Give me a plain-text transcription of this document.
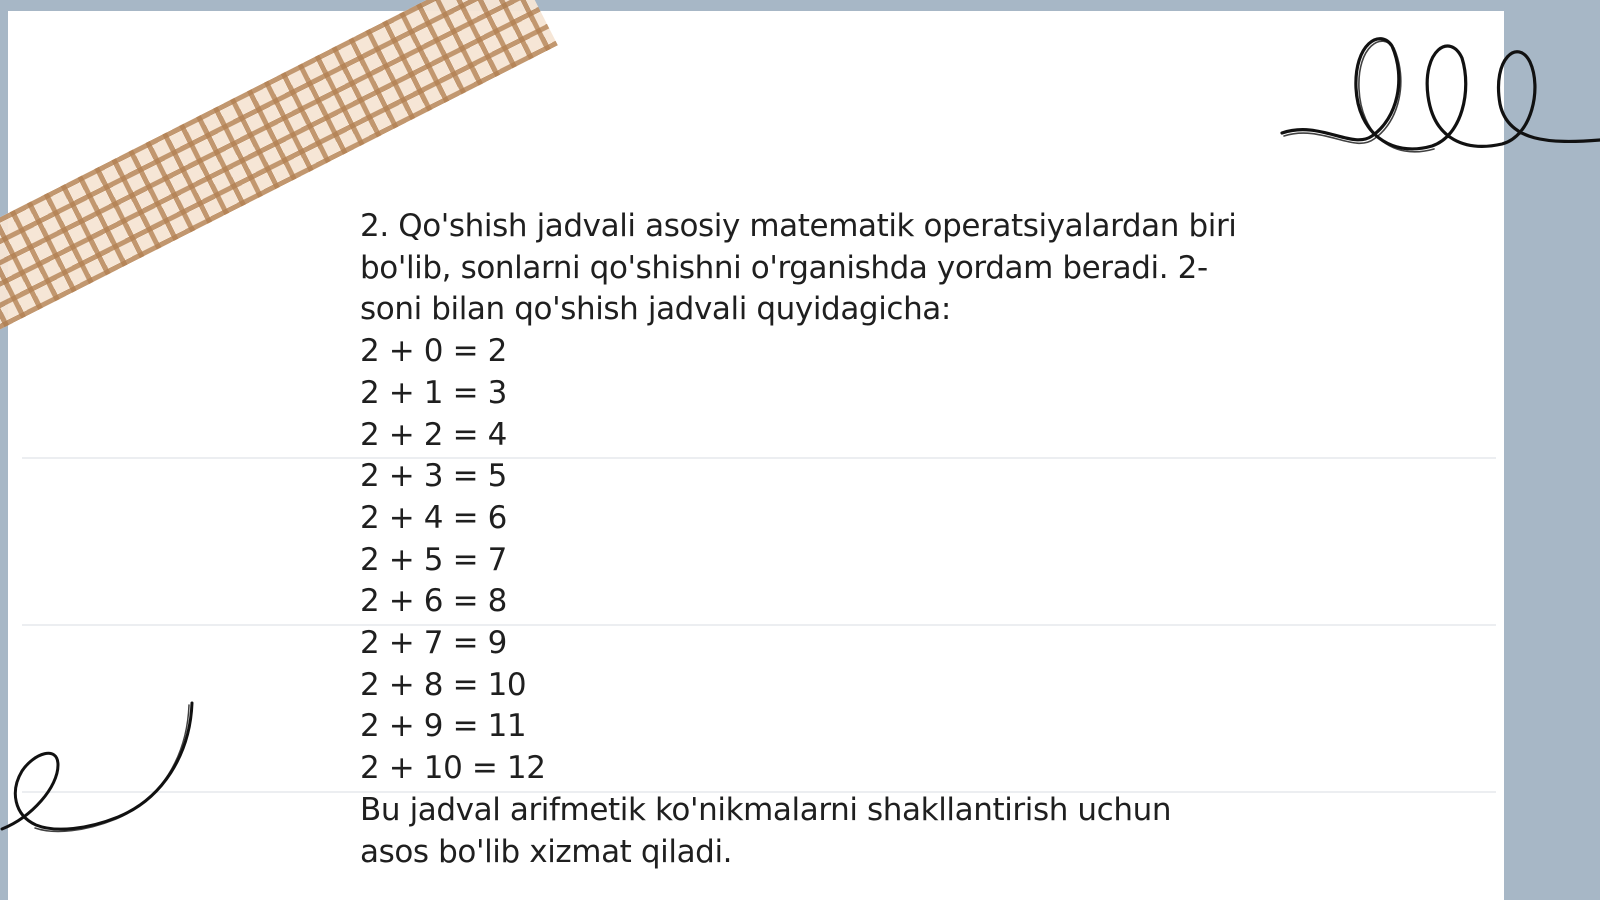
2. Qo'shish jadvali asosiy matematik operatsiyalardan biri bo'lib, sonlarni qo'shishni o'rganishda yordam beradi. 2-soni bilan qo'shish jadvali quyidagicha:

2 + 0 = 2
2 + 1 = 3
2 + 2 = 4
2 + 3 = 5
2 + 4 = 6
2 + 5 = 7
2 + 6 = 8
2 + 7 = 9
2 + 8 = 10
2 + 9 = 11
2 + 10 = 12

Bu jadval arifmetik ko'nikmalarni shakllantirish uchun asos bo'lib xizmat qiladi.
